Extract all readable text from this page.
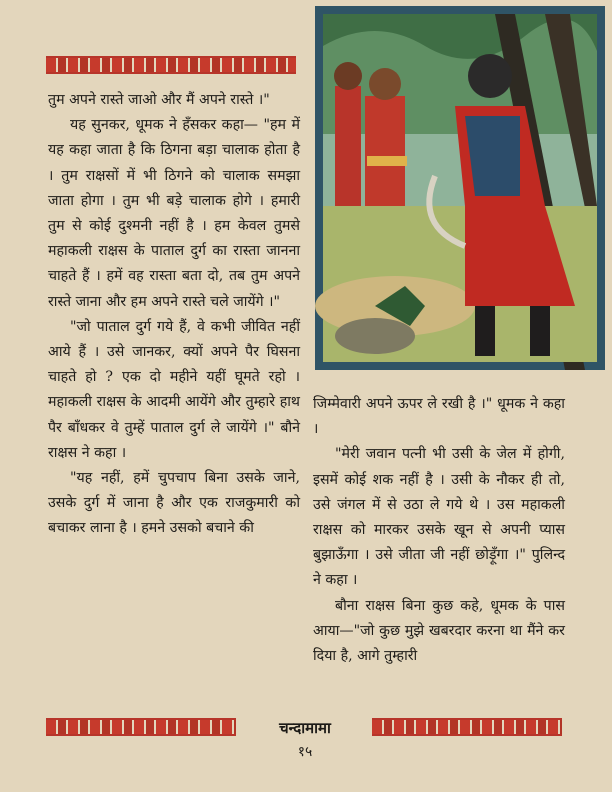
तुम अपने रास्ते जाओ और मैं अपने रास्ते ।"

यह सुनकर, धूमक ने हँसकर कहा— "हम में यह कहा जाता है कि ठिगना बड़ा चालाक होता है । तुम राक्षसों में भी ठिगने को चालाक समझा जाता होगा । तुम भी बड़े चालाक होगे । हमारी तुम से कोई दुश्मनी नहीं है । हम केवल तुमसे महाकली राक्षस के पाताल दुर्ग का रास्ता जानना चाहते हैं । हमें वह रास्ता बता दो, तब तुम अपने रास्ते जाना और हम अपने रास्ते चले जायेंगे ।"

"जो पाताल दुर्ग गये हैं, वे कभी जीवित नहीं आये हैं । उसे जानकर, क्यों अपने पैर घिसना चाहते हो ? एक दो महीने यहीं घूमते रहो । महाकली राक्षस के आदमी आयेंगे और तुम्हारे हाथ पैर बाँधकर वे तुम्हें पाताल दुर्ग ले जायेंगे ।" बौने राक्षस ने कहा ।

"यह नहीं, हमें चुपचाप बिना उसके जाने, उसके दुर्ग में जाना है और एक राजकुमारी को बचाकर लाना है । हमने उसको बचाने की

जिम्मेवारी अपने ऊपर ले रखी है ।" धूमक ने कहा ।

"मेरी जवान पत्नी भी उसी के जेल में होगी, इसमें कोई शक नहीं है । उसी के नौकर ही तो, उसे जंगल में से उठा ले गये थे । उस महाकली राक्षस को मारकर उसके खून से अपनी प्यास बुझाऊँगा । उसे जीता जी नहीं छोड़ूँगा ।" पुलिन्द ने कहा ।

बौना राक्षस बिना कुछ कहे, धूमक के पास आया—"जो कुछ मुझे खबरदार करना था मैंने कर दिया है, आगे तुम्हारी

चन्दामामा
१५
